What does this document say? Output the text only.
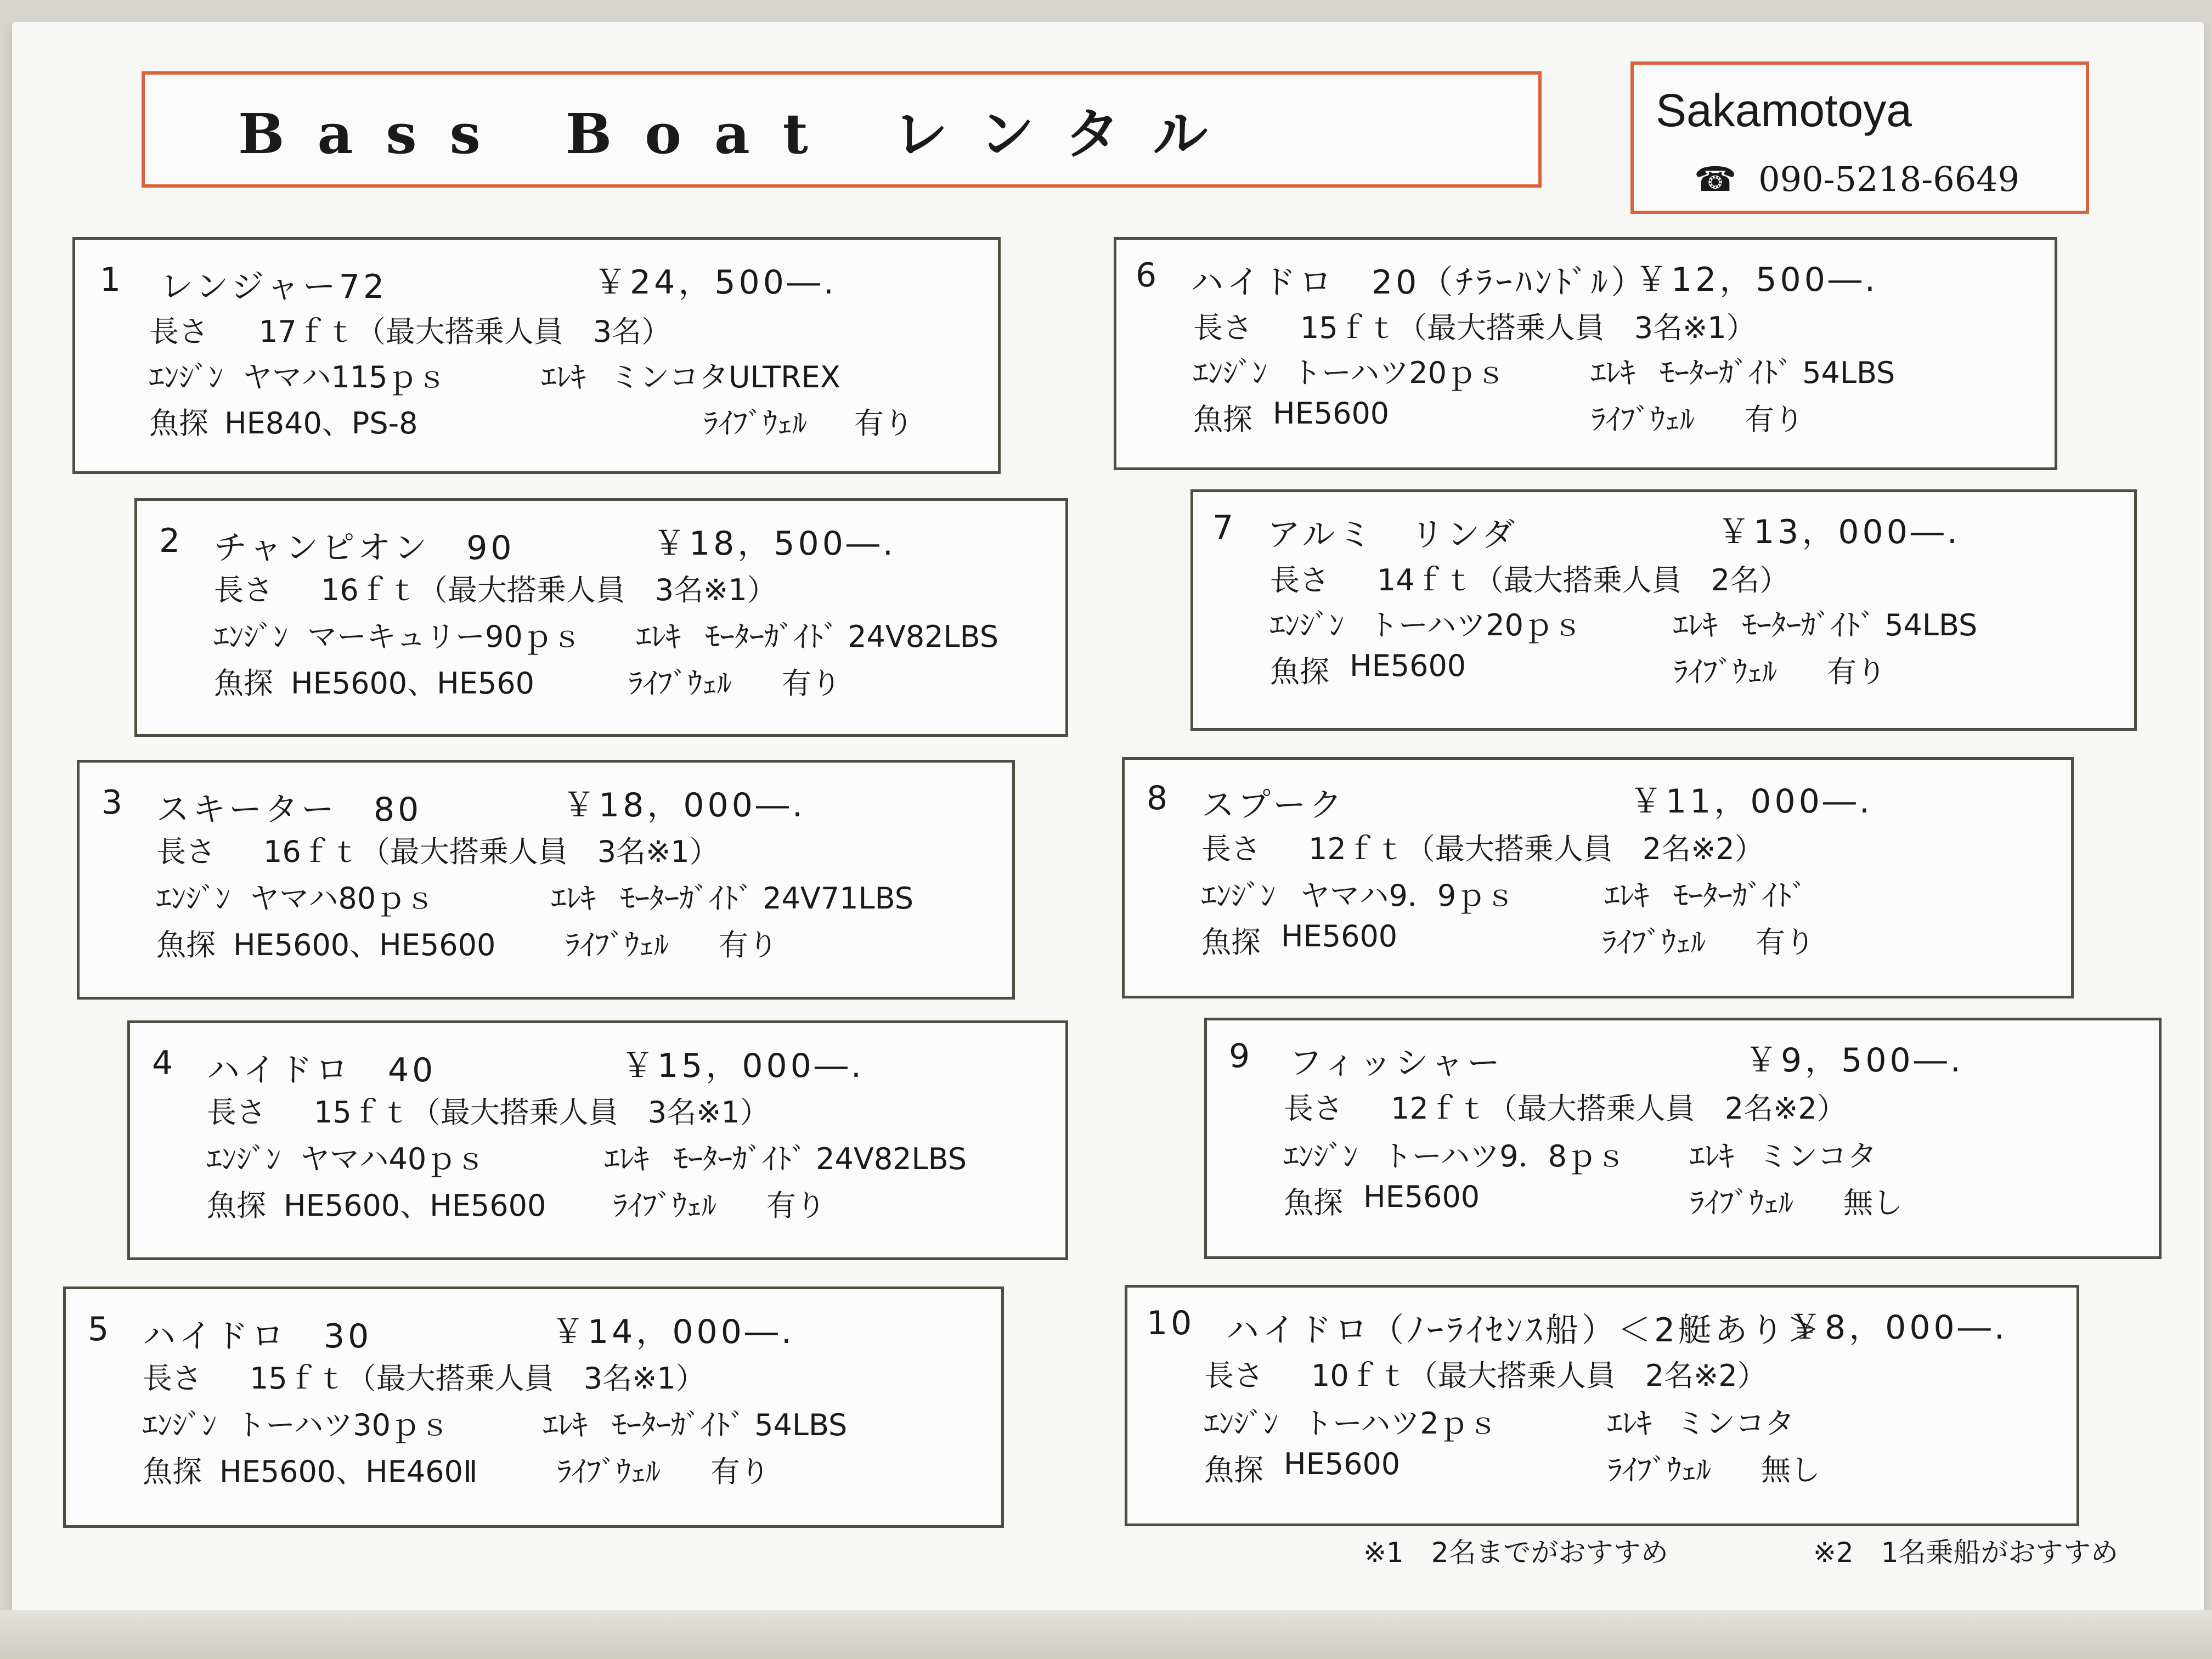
Bass Boat レンタル	Sakamotoya
☎ 090-5218-6649
1 レンジャー72	￥24，500―.
長さ 17ｆｔ（最大搭乗人員　3名）
ｴﾝｼﾞﾝ ヤマハ115ｐｓ	ｴﾚｷ ミンコタULTREX
魚探 HE840、PS-8	ﾗｲﾌﾞｳｪﾙ 有り
2 チャンピオン　90	￥18，500―.
長さ 16ｆｔ（最大搭乗人員　3名※1）
ｴﾝｼﾞﾝ マーキュリー90ｐｓ ｴﾚｷ ﾓｰﾀｰｶﾞｲﾄﾞ 24V82LBS
魚探 HE5600、HE560	ﾗｲﾌﾞｳｪﾙ 有り
3 スキーター　80	￥18，000―.
長さ 16ｆｔ（最大搭乗人員　3名※1）
ｴﾝｼﾞﾝ ヤマハ80ｐｓ	ｴﾚｷ ﾓｰﾀｰｶﾞｲﾄﾞ 24V71LBS
魚探 HE5600、HE5600 ﾗｲﾌﾞｳｪﾙ 有り
4 ハイドロ　40	￥15，000―.
長さ 15ｆｔ（最大搭乗人員　3名※1）
ｴﾝｼﾞﾝ ヤマハ40ｐｓ	ｴﾚｷ ﾓｰﾀｰｶﾞｲﾄﾞ 24V82LBS
魚探 HE5600、HE5600 ﾗｲﾌﾞｳｪﾙ 有り
5 ハイドロ　30	￥14，000―.
長さ 15ｆｔ（最大搭乗人員　3名※1）
ｴﾝｼﾞﾝ トーハツ30ｐｓ	ｴﾚｷ ﾓｰﾀｰｶﾞｲﾄﾞ 54LBS
魚探 HE5600、HE460Ⅱ	ﾗｲﾌﾞｳｪﾙ 有り
6 ハイドロ　20（ﾁﾗｰﾊﾝﾄﾞﾙ）
￥12，500―.
長さ 15ｆｔ（最大搭乗人員　3名※1）
ｴﾝｼﾞﾝ トーハツ20ｐｓ	ｴﾚｷ ﾓｰﾀｰｶﾞｲﾄﾞ 54LBS
魚探 HE5600	ﾗｲﾌﾞｳｪﾙ 有り
7 アルミ　リンダ	￥13，000―.
長さ 14ｆｔ（最大搭乗人員　2名）
ｴﾝｼﾞﾝ トーハツ20ｐｓ	ｴﾚｷ ﾓｰﾀｰｶﾞｲﾄﾞ 54LBS
魚探 HE5600	ﾗｲﾌﾞｳｪﾙ 有り
8 スプーク	￥11，000―.
長さ 12ｆｔ（最大搭乗人員　2名※2）
ｴﾝｼﾞﾝ ヤマハ9．9ｐｓ	ｴﾚｷ ﾓｰﾀｰｶﾞｲﾄﾞ
魚探 HE5600	ﾗｲﾌﾞｳｪﾙ 有り
9 フィッシャー	￥9，500―.
長さ 12ｆｔ（最大搭乗人員　2名※2）
ｴﾝｼﾞﾝ トーハツ9．8ｐｓ ｴﾚｷ ミンコタ
魚探 HE5600	ﾗｲﾌﾞｳｪﾙ 無し
10 ハイドロ（ﾉｰﾗｲｾﾝｽ船）＜2艇あり＞
￥8，000―.
長さ 10ｆｔ（最大搭乗人員　2名※2）
ｴﾝｼﾞﾝ トーハツ2ｐｓ	ｴﾚｷ ミンコタ
魚探 HE5600	ﾗｲﾌﾞｳｪﾙ 無し
※1　2名までがおすすめ	※2　1名乗船がおすすめ
